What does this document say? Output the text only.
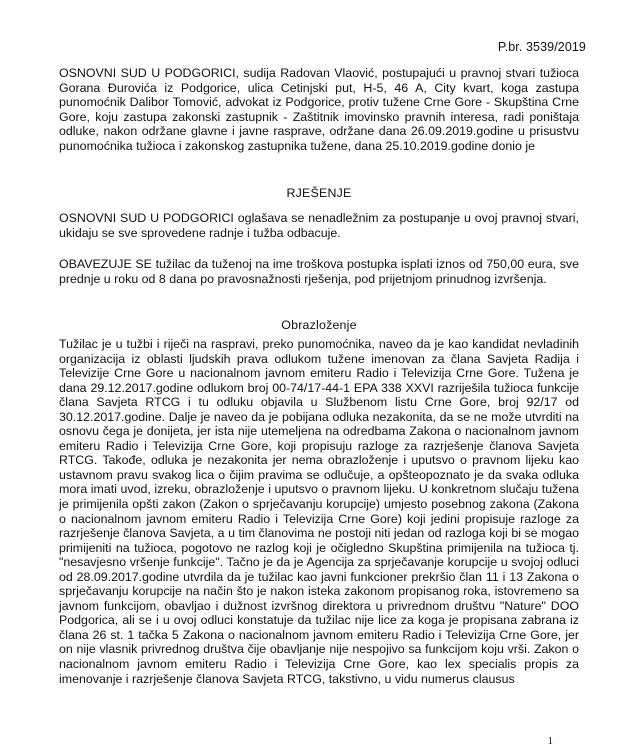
P.br. 3539/2019
OSNOVNI SUD U PODGORICI, sudija Radovan Vlaović, postupajući u pravnoj stvari tužioca Gorana Đurovića iz Podgorice, ulica Cetinjski put, H-5, 46 A, City kvart, koga zastupa punomoćnik Dalibor Tomović, advokat iz Podgorice, protiv tužene Crne Gore - Skupština Crne Gore, koju zastupa zakonski zastupnik - Zaštitnik imovinsko pravnih interesa, radi poništaja odluke, nakon održane glavne i javne rasprave, održane dana 26.09.2019.godine u prisustvu punomoćnika tužioca i zakonskog zastupnika tužene, dana 25.10.2019.godine donio je
RJEŠENJE
OSNOVNI SUD U PODGORICI oglašava se nenadležnim za postupanje u ovoj pravnoj stvari, ukidaju se sve sprovedene radnje i tužba odbacuje.
OBAVEZUJE SE tužilac da tuženoj na ime troškova postupka isplati iznos od 750,00 eura, sve prednje u roku od 8 dana po pravosnažnosti rješenja, pod prijetnjom prinudnog izvršenja.
Obrazloženje
Tužilac je u tužbi i riječi na raspravi, preko punomoćnika, naveo da je kao kandidat nevladinih organizacija iz oblasti ljudskih prava odlukom tužene imenovan za člana Savjeta Radija i Televizije Crne Gore u nacionalnom javnom emiteru Radio i Televizija Crne Gore. Tužena je dana 29.12.2017.godine odlukom broj 00-74/17-44-1 EPA 338 XXVI razriješila tužioca funkcije člana Savjeta RTCG i tu odluku objavila u Službenom listu Crne Gore, broj 92/17 od 30.12.2017.godine. Dalje je naveo da je pobijana odluka nezakonita, da se ne može utvrditi na osnovu čega je donijeta, jer ista nije utemeljena na odredbama Zakona o nacionalnom javnom emiteru Radio i Televizija Crne Gore, koji propisuju razloge za razrješenje članova Savjeta RTCG. Takođe, odluka je nezakonita jer nema obrazloženje i uputsvo o pravnom lijeku kao ustavnom pravu svakog lica o čijim pravima se odlučuje, a opšteopoznato je da svaka odluka mora imati uvod, izreku, obrazloženje i uputsvo o pravnom lijeku. U konkretnom slučaju tužena je primijenila opšti zakon (Zakon o sprječavanju korupcije) umjesto posebnog zakona (Zakona o nacionalnom javnom emiteru Radio i Televizija Crne Gore) koji jedini propisuje razloge za razrješenje članova Savjeta, a u tim članovima ne postoji niti jedan od razloga koji bi se mogao primijeniti na tužioca, pogotovo ne razlog koji je očigledno Skupština primijenila na tužioca tj. "nesavjesno vršenje funkcije". Tačno je da je Agencija za sprječavanje korupcije u svojoj odluci od 28.09.2017.godine utvrdila da je tužilac kao javni funkcioner prekršio član 11 i 13 Zakona o sprječavanju korupcije na način što je nakon isteka zakonom propisanog roka, istovremeno sa javnom funkcijom, obavljao i dužnost izvršnog direktora u privrednom društvu "Nature" DOO Podgorica, ali se i u ovoj odluci konstatuje da tužilac nije lice za koga je propisana zabrana iz člana 26 st. 1 tačka 5 Zakona o nacionalnom javnom emiteru Radio i Televizija Crne Gore, jer on nije vlasnik privrednog društva čije obavljanje nije nespojivo sa funkcijom koju vrši. Zakon o nacionalnom javnom emiteru Radio i Televizija Crne Gore, kao lex specialis propis za imenovanje i razrješenje članova Savjeta RTCG, takstivno, u vidu numerus clausus
1
